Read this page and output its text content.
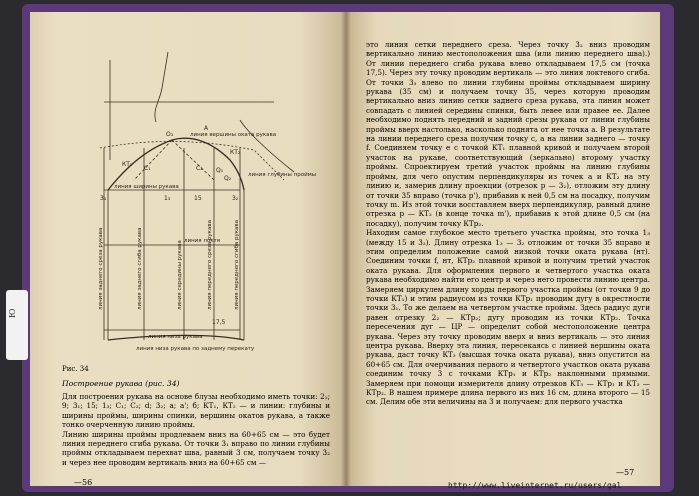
Ю
О₃
A
КТ₁
КТ₂
C₁	C₂ Q₁
Q₂
3₁	3₂
1₃	15
17,5
линия вершины оката рукава
линия глубины проймы
линия ширины рукава
линия середины рукава	линия переднего сгиба рукава
линия переднего среза рукава
линия заднего сгиба рукава
линия заднего среза рукава
линия низа рукава
линия низа рукава по заднему перекату
линия локтя
Рис. 34
Построение рукава (рис. 34)

Для построения рукава на основе блузы необходимо иметь точки: 2₂; 9; 3₁; 15; 1₃; C₁; C₂; d; 3₂; a; a'; б; КТ₁, КТ₂ — и линии: глубины и ширины проймы, ширины спинки, вершины окатов рукава, а также тонко очерченную линию проймы.

Линию ширины проймы продлеваем вниз на 60+65 см — это будет линия переднего сгиба рукава. От точки 3₁ вправо по линии глубины проймы откладываем перехват шва, равный 3 см, получаем точку 3₂ и через нее проводим вертикаль вниз на 60+65 см —

это линия сетки переднего среза. Через точку 3₂ вниз проводим вертикально линию местоположения шва (или линию переднего шва).) От линии переднего сгиба рукава влево откладываем 17,5 см (точка 17,5). Через эту точку проводим вертикаль — это линия локтевого сгиба. От точки 3₃ влево по линии глубины проймы откладываем ширину рукава (35 см) и получаем точку 35, через которую проводим вертикально вниз линию сетки заднего среза рукава, эта линия может совпадать с линией середины спинки, быть левее или правее ее. Далее необходимо поднять передний и задний срезы рукава от линии глубины проймы вверх настолько, насколько поднята от нее точка a. В результате на линии переднего среза получим точку c, а на линии заднего — точку f. Соединяем точку e с точкой КТ₁ плавной кривой и получаем второй участок на рукаве, соответствующий (зеркально) второму участку проймы. Спроектируем третий участок проймы на линию глубины проймы, для чего опустим перпендикуляры из точек a и КТ₂ на эту линию и, замерив длину проекции (отрезок p — 3₂), отложим эту длину от точки 35 вправо (точка p'), прибавив к ней 0,5 см на посадку, получим точку m. Из этой точки восставляем вверх перпендикуляр, равный длине отрезка p — КТ₂ (в конце точка m'), прибавив к этой длине 0,5 см (на посадку), получим точку КТр₂.

Находим самое глубокое место третьего участка проймы, это точка 1₃ (между 15 и 3₂). Длину отрезка 1₃ — 3₂ отложим от точки 35 вправо и этим определим положение самой низкой точки оката рукава (нт). Соединим точки f, нт, КТр₂ плавной кривой и получим третий участок оката рукава. Для оформления первого и четвертого участка оката рукава необходимо найти его центр и через него провести линию центра. Замеряем циркулем длину хорды первого участка проймы (от точки 9 до точки КТ₁) и этим радиусом из точки КТр₁ проводим дугу в окрестности точки 3₁. То же делаем на четвертом участке проймы. Здесь радиус дуги равен отрезку 2₂ — КТр₂; дугу проводим из точки КТр₂. Точка пересечения дуг — ЦР — определит собой местоположение центра рукава. Через эту точку проводим вверх и вниз вертикаль — это линия центра рукава. Вверху эта линия, пересекаясь с линией вершины оката рукава, даст точку КТ₃ (высшая точка оката рукава), вниз опустится на 60+65 см. Для очерчивания первого и четвертого участков оката рукава соединим точку 3 с точками КТр₁ и КТр₂ наклонными прямыми. Замеряем при помощи измерителя длину отрезков КТ₃ — КТр₁ и КТ₃ — КТр₂. В нашем примере длина первого из них 16 см, длина второго — 15 см. Делим обе эти величины на 3 и получаем: для первого участка

—56
—57
http://www.liveinternet.ru/users/gal
